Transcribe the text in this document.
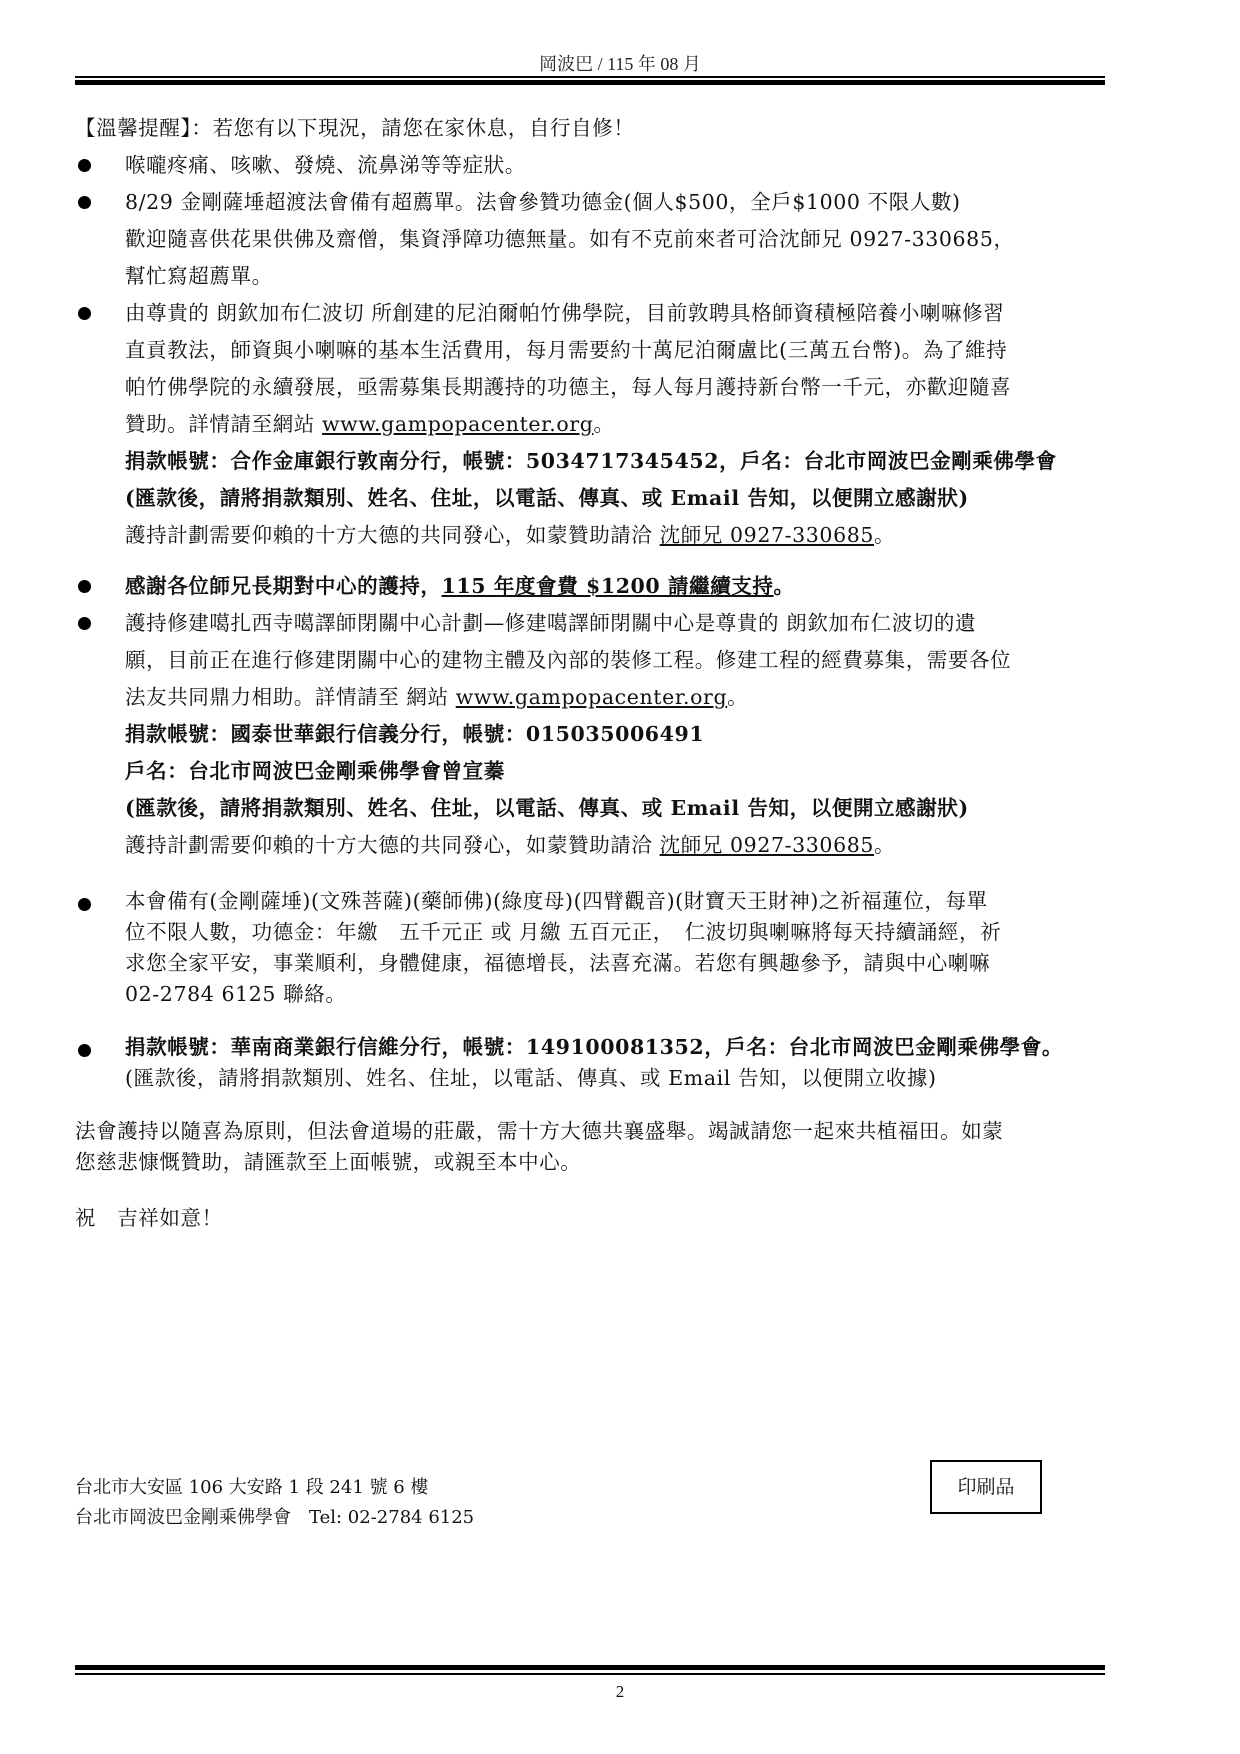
岡波巴 / 115 年 08 月
【溫馨提醒】：若您有以下現況，請您在家休息，自行自修！
喉嚨疼痛、咳嗽、發燒、流鼻涕等等症狀。
8/29 金剛薩埵超渡法會備有超薦單。法會參贊功德金(個人$500，全戶$1000 不限人數)
歡迎隨喜供花果供佛及齋僧，集資淨障功德無量。如有不克前來者可洽沈師兄 0927-330685，
幫忙寫超薦單。
由尊貴的 朗欽加布仁波切 所創建的尼泊爾帕竹佛學院，目前敦聘具格師資積極陪養小喇嘛修習
直貢教法，師資與小喇嘛的基本生活費用，每月需要約十萬尼泊爾盧比(三萬五台幣)。為了維持
帕竹佛學院的永續發展，亟需募集長期護持的功德主，每人每月護持新台幣一千元，亦歡迎隨喜
贊助。詳情請至網站 www.gampopacenter.org。
捐款帳號：合作金庫銀行敦南分行，帳號：5034717345452，戶名：台北市岡波巴金剛乘佛學會
(匯款後，請將捐款類別、姓名、住址，以電話、傳真、或 Email 告知，以便開立感謝狀)
護持計劃需要仰賴的十方大德的共同發心，如蒙贊助請洽 沈師兄 0927-330685。
感謝各位師兄長期對中心的護持，115 年度會費 $1200 請繼續支持。
護持修建噶扎西寺噶譯師閉關中心計劃—修建噶譯師閉關中心是尊貴的 朗欽加布仁波切的遺
願，目前正在進行修建閉關中心的建物主體及內部的裝修工程。修建工程的經費募集，需要各位
法友共同鼎力相助。詳情請至 網站 www.gampopacenter.org。
捐款帳號：國泰世華銀行信義分行，帳號：015035006491
戶名：台北市岡波巴金剛乘佛學會曾宣蓁
(匯款後，請將捐款類別、姓名、住址，以電話、傳真、或 Email 告知，以便開立感謝狀)
護持計劃需要仰賴的十方大德的共同發心，如蒙贊助請洽 沈師兄 0927-330685。
本會備有(金剛薩埵)(文殊菩薩)(藥師佛)(綠度母)(四臂觀音)(財寶天王財神)之祈福蓮位，每單
位不限人數，功德金：年繳　五千元正 或 月繳 五百元正，　仁波切與喇嘛將每天持續誦經，祈
求您全家平安，事業順利，身體健康，福德增長，法喜充滿。若您有興趣參予，請與中心喇嘛
02-2784 6125 聯絡。
捐款帳號：華南商業銀行信維分行，帳號：149100081352，戶名：台北市岡波巴金剛乘佛學會。
(匯款後，請將捐款類別、姓名、住址，以電話、傳真、或 Email 告知，以便開立收據)
法會護持以隨喜為原則，但法會道場的莊嚴，需十方大德共襄盛舉。竭誠請您一起來共植福田。如蒙
您慈悲慷慨贊助，請匯款至上面帳號，或親至本中心。
祝　吉祥如意！
台北市大安區 106 大安路 1 段 241 號 6 樓
台北市岡波巴金剛乘佛學會　Tel: 02-2784 6125
印刷品
2
